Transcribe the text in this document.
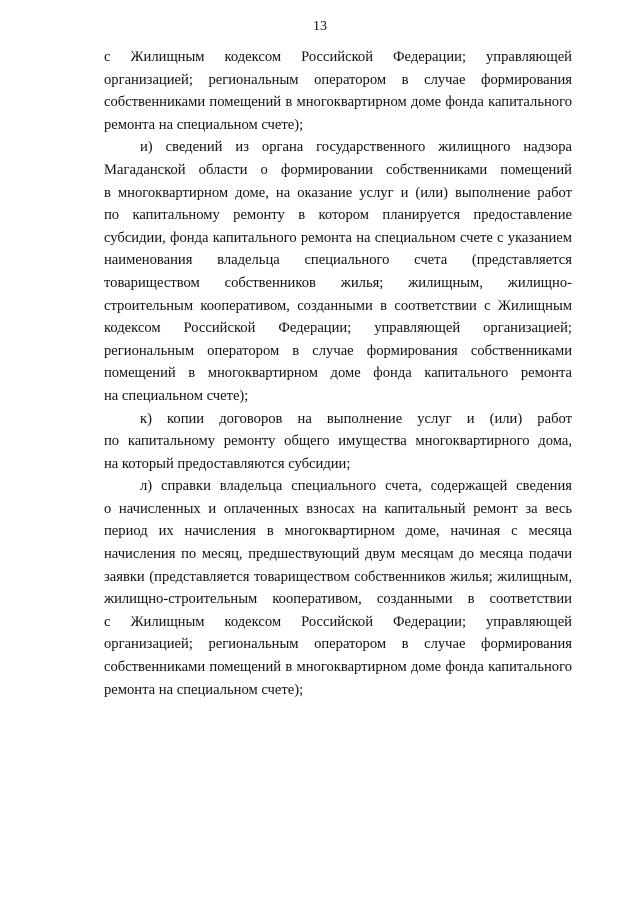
13

с Жилищным кодексом Российской Федерации; управляющей
организацией; региональным оператором в случае формирования
собственниками помещений в многоквартирном доме фонда капитального
ремонта на специальном счете);

и) сведений из органа государственного жилищного надзора
Магаданской области о формировании собственниками помещений
в многоквартирном доме, на оказание услуг и (или) выполнение работ
по капитальному ремонту в котором планируется предоставление
субсидии, фонда капитального ремонта на специальном счете с указанием
наименования владельца специального счета (представляется
товариществом собственников жилья; жилищным, жилищно-
строительным кооперативом, созданными в соответствии с Жилищным
кодексом Российской Федерации; управляющей организацией;
региональным оператором в случае формирования собственниками
помещений в многоквартирном доме фонда капитального ремонта
на специальном счете);

к) копии договоров на выполнение услуг и (или) работ
по капитальному ремонту общего имущества многоквартирного дома,
на который предоставляются субсидии;

л) справки владельца специального счета, содержащей сведения
о начисленных и оплаченных взносах на капитальный ремонт за весь
период их начисления в многоквартирном доме, начиная с месяца
начисления по месяц, предшествующий двум месяцам до месяца подачи
заявки (представляется товариществом собственников жилья; жилищным,
жилищно-строительным кооперативом, созданными в соответствии
с Жилищным кодексом Российской Федерации; управляющей
организацией; региональным оператором в случае формирования
собственниками помещений в многоквартирном доме фонда капитального
ремонта на специальном счете);
